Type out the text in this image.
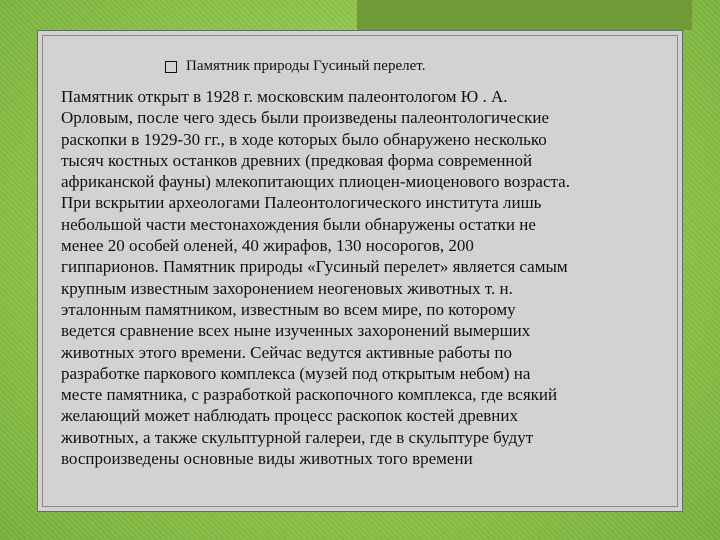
Памятник природы Гусиный перелет.

Памятник открыт в 1928 г. московским палеонтологом Ю . А.
Орловым, после чего здесь были произведены палеонтологические
раскопки в 1929-30 гг., в ходе которых было обнаружено несколько
тысяч костных останков древних (предковая форма современной
африканской фауны) млекопитающих плиоцен-миоценового возраста.
При вскрытии археологами Палеонтологического института лишь
небольшой части местонахождения были обнаружены остатки не
менее 20 особей оленей, 40 жирафов, 130 носорогов, 200
гиппарионов. Памятник природы «Гусиный перелет» является самым
крупным известным захоронением неогеновых животных т. н.
эталонным памятником, известным во всем мире, по которому
ведется сравнение всех ныне изученных захоронений вымерших
животных этого времени. Сейчас ведутся активные работы по
разработке паркового комплекса (музей под открытым небом) на
месте памятника, с разработкой раскопочного комплекса, где всякий
желающий может наблюдать процесс раскопок костей древних
животных, а также скульптурной галереи, где в скульптуре будут
воспроизведены основные виды животных того времени
